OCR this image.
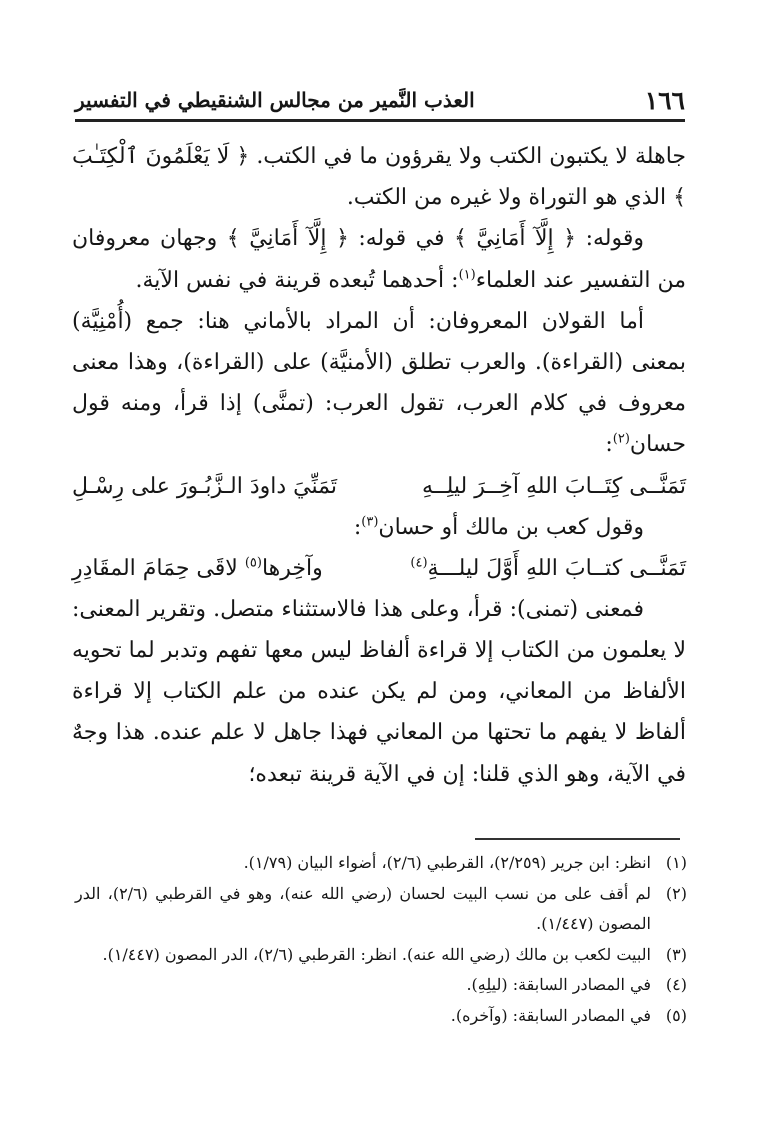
١٦٦
العذب النَّمير من مجالس الشنقيطي في التفسير

جاهلة لا يكتبون الكتب ولا يقرؤون ما في الكتب. ﴿ لَا يَعْلَمُونَ ٱلْكِتَـٰبَ ﴾ الذي هو التوراة ولا غيره من الكتب.

وقوله: ﴿ إِلَّآ أَمَانِيَّ ﴾ في قوله: ﴿ إِلَّآ أَمَانِيَّ ﴾ وجهان معروفان من التفسير عند العلماء$^{(١)}$: أحدهما تُبعده قرينة في نفس الآية.

أما القولان المعروفان: أن المراد بالأماني هنا: جمع (أُمْنِيَّة) بمعنى (القراءة). والعرب تطلق (الأمنيَّة) على (القراءة)، وهذا معنى معروف في كلام العرب، تقول العرب: (تمنَّى) إذا قرأ، ومنه قول حسان$^{(٢)}$:

تَمَنَّــى كِتَــابَ اللهِ آخِــرَ ليلِــهِ
تَمَنِّيَ داودَ الـزَّبُـورَ على رِسْـلِ

وقول كعب بن مالك أو حسان$^{(٣)}$:

تَمَنَّــى كتــابَ اللهِ أَوَّلَ ليلـــةِ$^{(٤)}$
وآخِرها$^{(٥)}$ لاقَى حِمَامَ المقَادِرِ

فمعنى (تمنى): قرأ، وعلى هذا فالاستثناء متصل. وتقرير المعنى: لا يعلمون من الكتاب إلا قراءة ألفاظ ليس معها تفهم وتدبر لما تحويه الألفاظ من المعاني، ومن لم يكن عنده من علم الكتاب إلا قراءة ألفاظ لا يفهم ما تحتها من المعاني فهذا جاهل لا علم عنده. هذا وجهٌ في الآية، وهو الذي قلنا: إن في الآية قرينة تبعده؛

(١)
انظر: ابن جرير (٢/٢٥٩)، القرطبي (٢/٦)، أضواء البيان (١/٧٩).
(٢)
لم أقف على من نسب البيت لحسان (رضي الله عنه)، وهو في القرطبي (٢/٦)، الدر المصون (١/٤٤٧).
(٣)
البيت لكعب بن مالك (رضي الله عنه). انظر: القرطبي (٢/٦)، الدر المصون (١/٤٤٧).
(٤)
في المصادر السابقة: (ليلِهِ).
(٥)
في المصادر السابقة: (وآخره).
